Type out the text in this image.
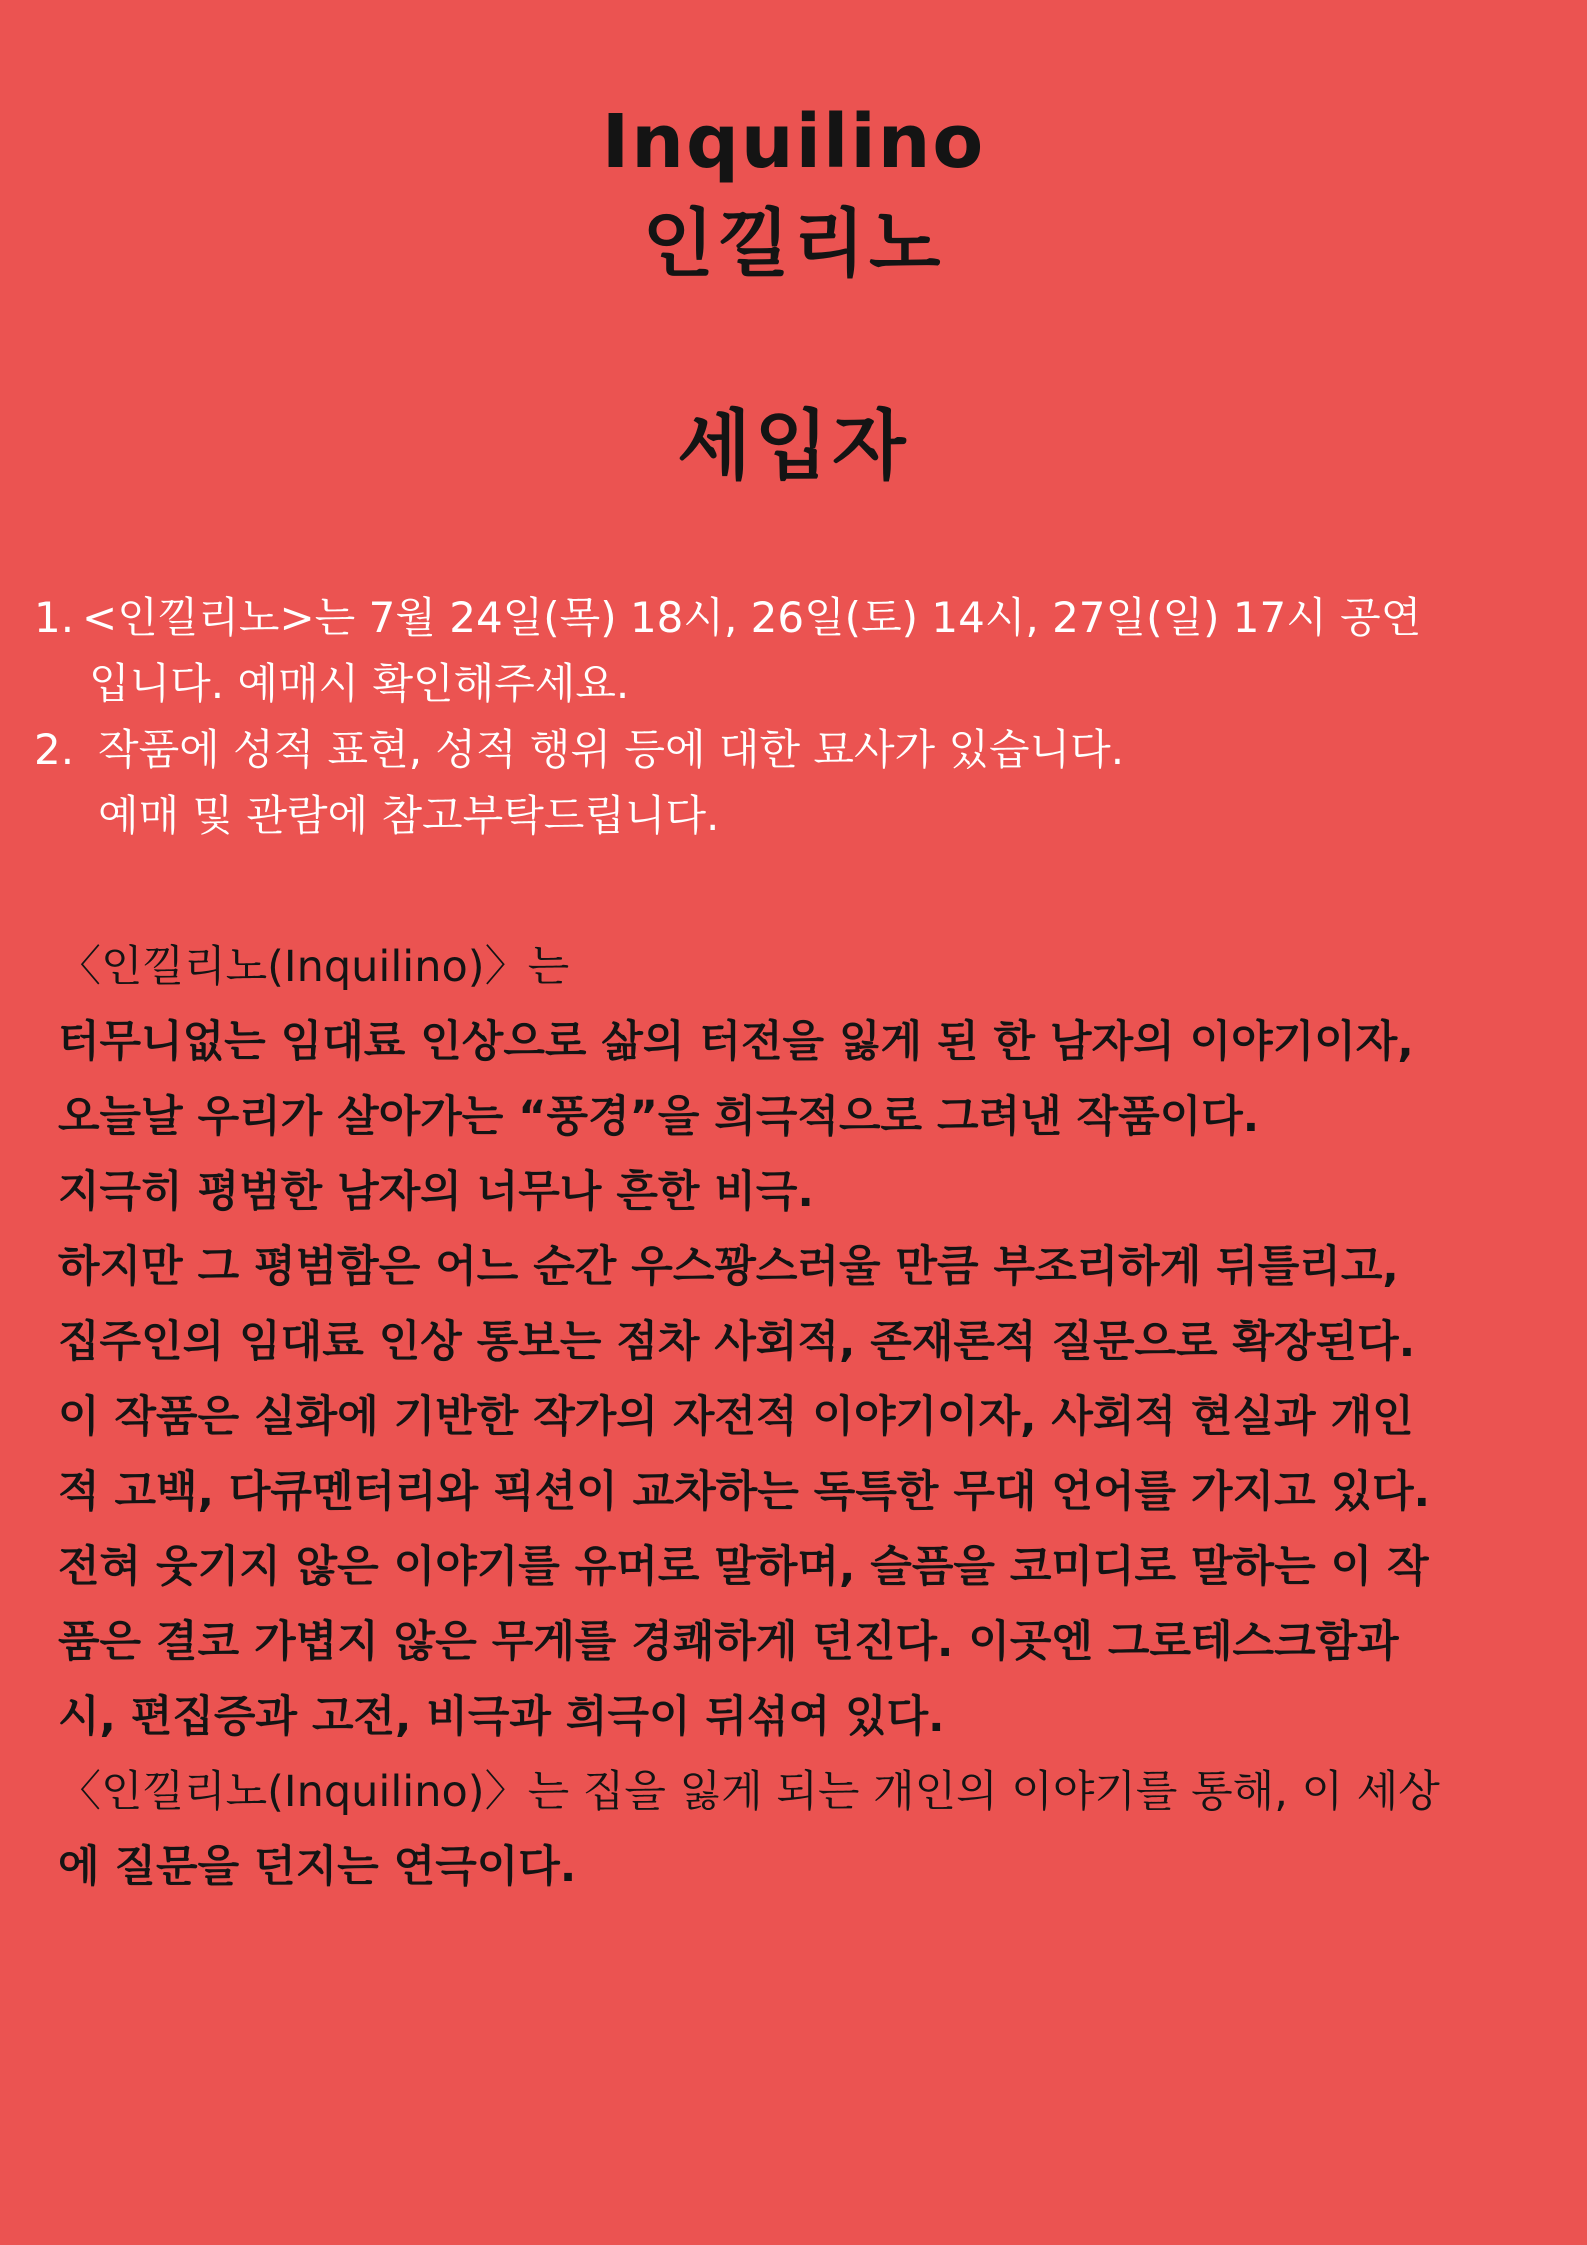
Inquilino
인낄리노
세입자

1. <인낄리노>는 7월 24일(목) 18시, 26일(토) 14시, 27일(일) 17시 공연
입니다. 예매시 확인해주세요.

2. 작품에 성적 표현, 성적 행위 등에 대한 묘사가 있습니다.
예매 및 관람에 참고부탁드립니다.

〈인낄리노(Inquilino)〉는
터무니없는 임대료 인상으로 삶의 터전을 잃게 된 한 남자의 이야기이자,
오늘날 우리가 살아가는 “풍경”을 희극적으로 그려낸 작품이다.
지극히 평범한 남자의 너무나 흔한 비극.
하지만 그 평범함은 어느 순간 우스꽝스러울 만큼 부조리하게 뒤틀리고,
집주인의 임대료 인상 통보는 점차 사회적, 존재론적 질문으로 확장된다.
이 작품은 실화에 기반한 작가의 자전적 이야기이자, 사회적 현실과 개인
적 고백, 다큐멘터리와 픽션이 교차하는 독특한 무대 언어를 가지고 있다.
전혀 웃기지 않은 이야기를 유머로 말하며, 슬픔을 코미디로 말하는 이 작
품은 결코 가볍지 않은 무게를 경쾌하게 던진다. 이곳엔 그로테스크함과
시, 편집증과 고전, 비극과 희극이 뒤섞여 있다.
〈인낄리노(Inquilino)〉는 집을 잃게 되는 개인의 이야기를 통해, 이 세상
에 질문을 던지는 연극이다.
